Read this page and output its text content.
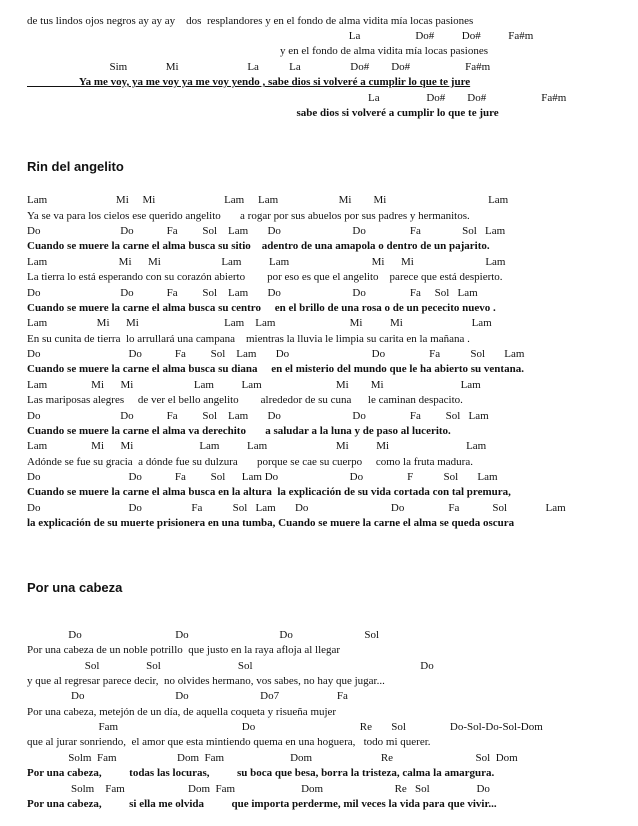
de tus lindos ojos negros ay ay ay    dos  resplandores y en el fondo de alma vidita mía locas pasiones

La                    Do#          Do#          Fa#m

y en el fondo de alma vidita mía locas pasiones

Sim              Mi                         La           La                  Do#        Do#                    Fa#m

Ya me voy, ya me voy ya me voy yendo , sabe dios si volveré a cumplir lo que te jure

La                 Do#        Do#                    Fa#m

sabe dios si volveré a cumplir lo que te jure

Rin del angelito

Lam                         Mi     Mi                         Lam     Lam                      Mi        Mi                                     Lam

Ya se va para los cielos ese querido angelito       a rogar por sus abuelos por sus padres y hermanitos.

Do                             Do            Fa         Sol    Lam       Do                          Do                Fa               Sol   Lam

Cuando se muere la carne el alma busca su sitio    adentro de una amapola o dentro de un pajarito.

Lam                          Mi      Mi                      Lam          Lam                              Mi      Mi                          Lam

La tierra lo está esperando con su corazón abierto        por eso es que el angelito    parece que está despierto.

Do                             Do            Fa         Sol    Lam       Do                          Do                Fa     Sol   Lam

Cuando se muere la carne el alma busca su centro     en el brillo de una rosa o de un pececito nuevo .

Lam                  Mi      Mi                               Lam    Lam                           Mi          Mi                         Lam

En su cunita de tierra  lo arrullará una campana    mientras la lluvia le limpia su carita en la mañana .

Do                                Do            Fa         Sol    Lam       Do                              Do                Fa           Sol       Lam

Cuando se muere la carne el alma busca su diana     en el misterio del mundo que le ha abierto su ventana.

Lam                Mi      Mi                      Lam          Lam                           Mi        Mi                            Lam

Las mariposas alegres     de ver el bello angelito        alrededor de su cuna      le caminan despacito.

Do                             Do            Fa         Sol    Lam       Do                          Do                Fa         Sol   Lam

Cuando se muere la carne el alma va derechito       a saludar a la luna y de paso al lucerito.

Lam                Mi      Mi                        Lam          Lam                         Mi          Mi                            Lam

Adónde se fue su gracia  a dónde fue su dulzura       porque se cae su cuerpo     como la fruta madura.

Do                                Do            Fa         Sol      Lam Do                          Do                F           Sol       Lam

Cuando se muere la carne el alma busca en la altura  la explicación de su vida cortada con tal premura,

Do                                Do                  Fa           Sol   Lam       Do                              Do                Fa            Sol              Lam

la explicación de su muerte prisionera en una tumba, Cuando se muere la carne el alma se queda oscura

Por una cabeza

Do                                  Do                                 Do                          Sol

Por una cabeza de un noble potrillo  que justo en la raya afloja al llegar

Sol                 Sol                            Sol                                                             Do

y que al regresar parece decir,  no olvides hermano, vos sabes, no hay que jugar...

Do                                 Do                          Do7                     Fa

Por una cabeza, metejón de un día, de aquella coqueta y risueña mujer

Fam                                             Do                                      Re       Sol                Do-Sol-Do-Sol-Dom

que al jurar sonriendo,  el amor que esta mintiendo quema en una hoguera,   todo mi querer.

Solm  Fam                      Dom  Fam                        Dom                         Re                              Sol  Dom

Por una cabeza,          todas las locuras,          su boca que besa, borra la tristeza, calma la amargura.

Solm    Fam                       Dom  Fam                        Dom                          Re   Sol                 Do

Por una cabeza,          si ella me olvida          que importa perderme, mil veces la vida para que vivir...
